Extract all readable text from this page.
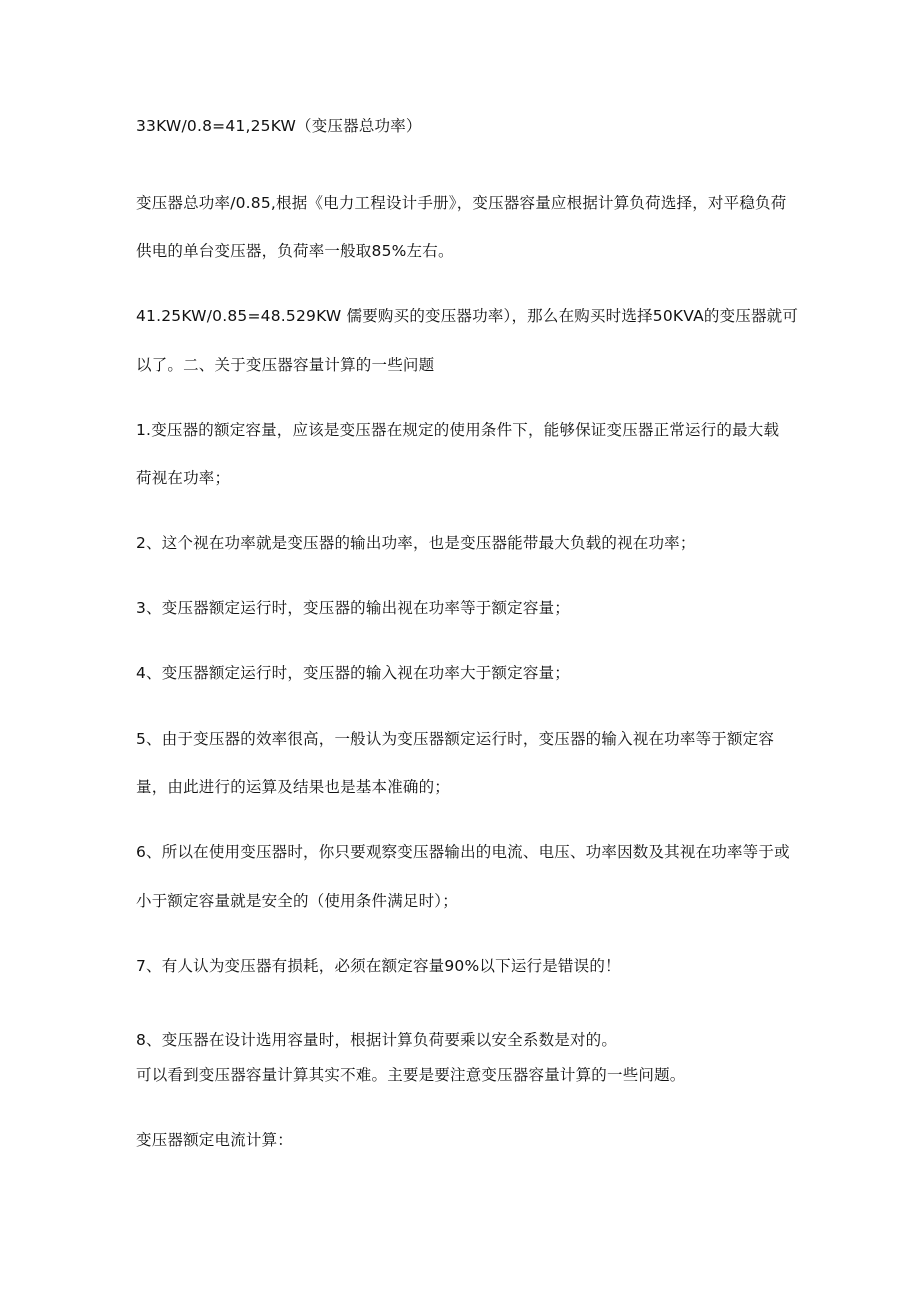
33KW/0.8=41,25KW（变压器总功率）
变压器总功率/0.85,根据《电力工程设计手册》，变压器容量应根据计算负荷选择，对平稳负荷
供电的单台变压器，负荷率一般取85%左右。
41.25KW/0.85=48.529KW 儒要购买的变压器功率），那么在购买时选择50KVA的变压器就可
以了。二、关于变压器容量计算的一些问题
1.变压器的额定容量，应该是变压器在规定的使用条件下，能够保证变压器正常运行的最大载
荷视在功率；
2、这个视在功率就是变压器的输出功率，也是变压器能带最大负载的视在功率；
3、变压器额定运行时，变压器的输出视在功率等于额定容量；
4、变压器额定运行时，变压器的输入视在功率大于额定容量；
5、由于变压器的效率很高，一般认为变压器额定运行时，变压器的输入视在功率等于额定容
量，由此进行的运算及结果也是基本准确的；
6、所以在使用变压器时，你只要观察变压器输出的电流、电压、功率因数及其视在功率等于或
小于额定容量就是安全的（使用条件满足时）；
7、有人认为变压器有损耗，必须在额定容量90%以下运行是错误的！
8、变压器在设计选用容量时，根据计算负荷要乘以安全系数是对的。
可以看到变压器容量计算其实不难。主要是要注意变压器容量计算的一些问题。
变压器额定电流计算：
